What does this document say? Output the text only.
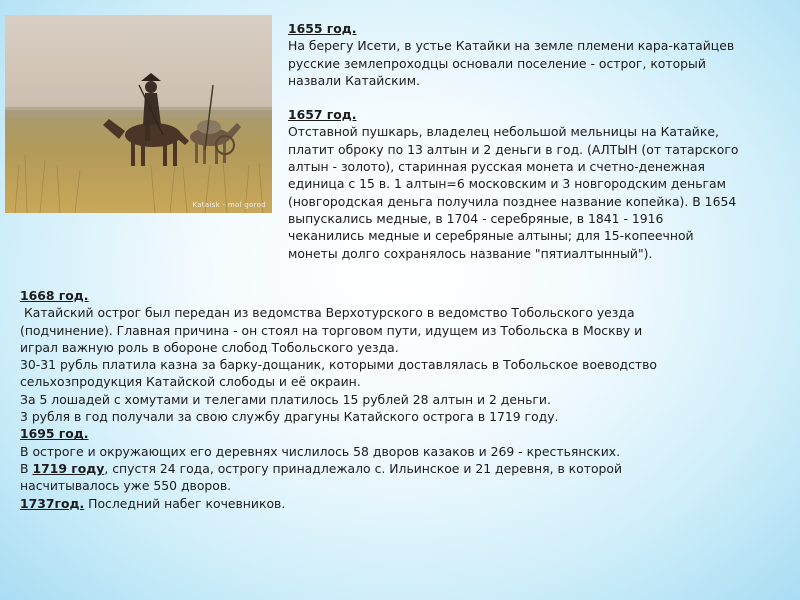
Kataisk - mol gorod
1655 год.
На берегу Исети, в устье Катайки на земле племени кара-катайцев
русские землепроходцы основали поселение - острог, который
назвали Катайским.
1657 год.
Отставной пушкарь, владелец небольшой мельницы на Катайке,
платит оброку по 13 алтын и 2 деньги в год. (АЛТЫН (от татарского
алтын - золото), старинная русская монета и счетно-денежная
единица с 15 в. 1 алтын=6 московским и 3 новгородским деньгам
(новгородская деньга получила позднее название копейка). В 1654
выпускались медные, в 1704 - серебряные, в 1841 - 1916
чеканились медные и серебряные алтыны; для 15-копеечной
монеты долго сохранялось название "пятиалтынный").
1668 год.
Катайский острог был передан из ведомства Верхотурского в ведомство Тобольского уезда
(подчинение). Главная причина - он стоял на торговом пути, идущем из Тобольска в Москву и
играл важную роль в обороне слобод Тобольского уезда.
30-31 рубль платила казна за барку-дощаник, которыми доставлялась в Тобольское воеводство
сельхозпродукция Катайской слободы и её окраин.
За 5 лошадей с хомутами и телегами платилось 15 рублей 28 алтын и 2 деньги.
3 рубля в год получали за свою службу драгуны Катайского острога в 1719 году.
1695 год.
В остроге и окружающих его деревнях числилось 58 дворов казаков и 269 - крестьянских.
В 1719 году, спустя 24 года, острогу принадлежало с. Ильинское и 21 деревня, в которой
насчитывалось уже 550 дворов.
1737год. Последний набег кочевников.
